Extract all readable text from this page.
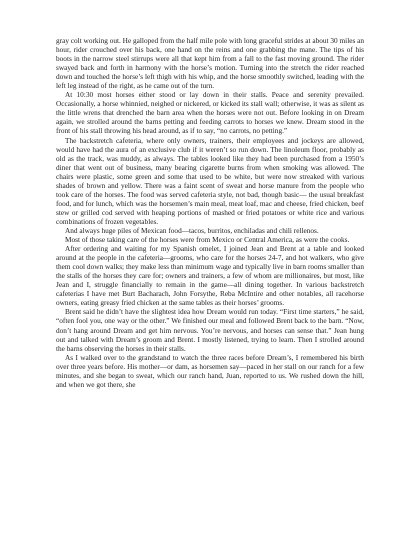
gray colt working out. He galloped from the half mile pole with long graceful strides at about 30 miles an hour, rider crouched over his back, one hand on the reins and one grabbing the mane. The tips of his boots in the narrow steel stirrups were all that kept him from a fall to the fast moving ground. The rider swayed back and forth in harmony with the horse’s motion. Turning into the stretch the rider reached down and touched the horse’s left thigh with his whip, and the horse smoothly switched, leading with the left leg instead of the right, as he came out of the turn.

At 10:30 most horses either stood or lay down in their stalls. Peace and serenity prevailed. Occasionally, a horse whinnied, neighed or nickered, or kicked its stall wall; otherwise, it was as silent as the little wrens that drenched the barn area when the horses were not out. Before looking in on Dream again, we strolled around the barns petting and feeding carrots to horses we knew. Dream stood in the front of his stall throwing his head around, as if to say, “no carrots, no petting.”

The backstretch cafeteria, where only owners, trainers, their employees and jockeys are allowed, would have had the aura of an exclusive club if it weren’t so run down. The linoleum floor, probably as old as the track, was muddy, as always. The tables looked like they had been purchased from a 1950’s diner that went out of business, many bearing cigarette burns from when smoking was allowed. The chairs were plastic, some green and some that used to be white, but were now streaked with various shades of brown and yellow. There was a faint scent of sweat and horse manure from the people who took care of the horses. The food was served cafeteria style, not bad, though basic— the usual breakfast food, and for lunch, which was the horsemen’s main meal, meat loaf, mac and cheese, fried chicken, beef stew or grilled cod served with heaping portions of mashed or fried potatoes or white rice and various combinations of frozen vegetables.

And always huge piles of Mexican food—tacos, burritos, enchiladas and chili rellenos.

Most of those taking care of the horses were from Mexico or Central America, as were the cooks.

After ordering and waiting for my Spanish omelet, I joined Jean and Brent at a table and looked around at the people in the cafeteria—grooms, who care for the horses 24-7, and hot walkers, who give them cool down walks; they make less than minimum wage and typically live in barn rooms smaller than the stalls of the horses they care for; owners and trainers, a few of whom are millionaires, but most, like Jean and I, struggle financially to remain in the game—all dining together. In various backstretch cafeterias I have met Burt Bacharach, John Forsythe, Reba McIntire and other notables, all racehorse owners, eating greasy fried chicken at the same tables as their horses’ grooms.

Brent said he didn’t have the slightest idea how Dream would run today. “First time starters,” he said, “often fool you, one way or the other.” We finished our meal and followed Brent back to the barn. “Now, don’t hang around Dream and get him nervous. You’re nervous, and horses can sense that.” Jean hung out and talked with Dream’s groom and Brent. I mostly listened, trying to learn. Then I strolled around the barns observing the horses in their stalls.

As I walked over to the grandstand to watch the three races before Dream’s, I remembered his birth over three years before. His mother—or dam, as horsemen say—paced in her stall on our ranch for a few minutes, and she began to sweat, which our ranch hand, Juan, reported to us. We rushed down the hill, and when we got there, she
